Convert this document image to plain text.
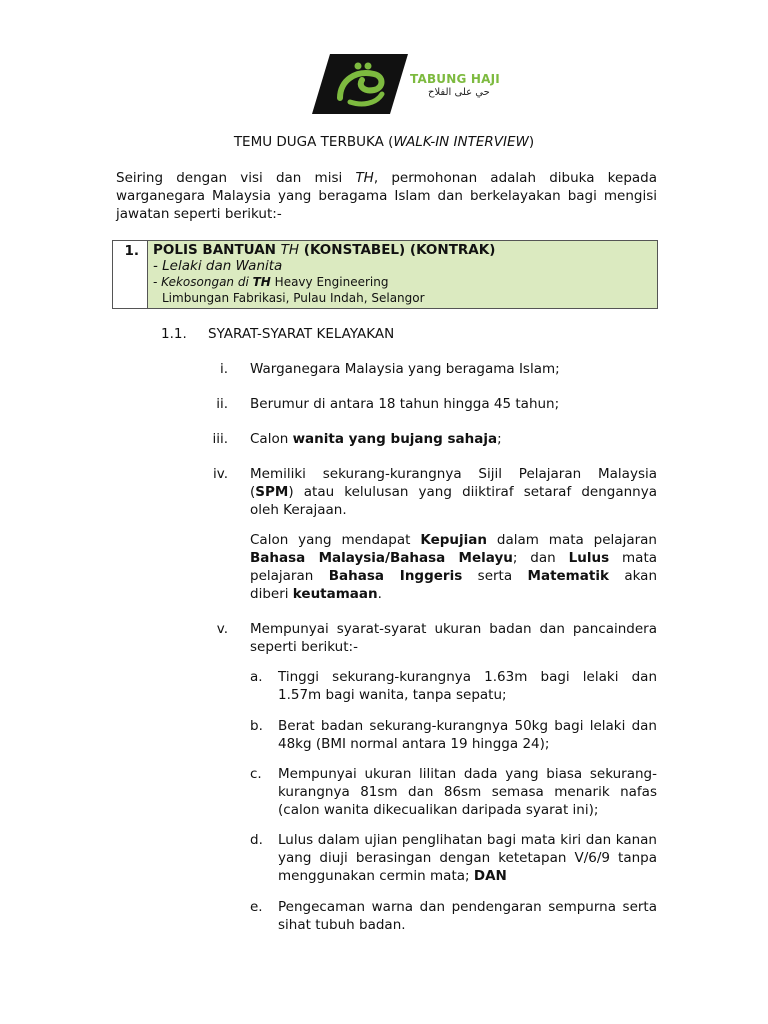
TABUNG HAJI
حي على الفلاح
TEMU DUGA TERBUKA (WALK-IN INTERVIEW)
Seiring dengan visi dan misi TH, permohonan adalah dibuka kepada
warganegara Malaysia yang beragama Islam dan berkelayakan bagi mengisi
jawatan seperti berikut:-
1.	POLIS BANTUAN TH (KONSTABEL) (KONTRAK)
- Lelaki dan Wanita
- Kekosongan di TH Heavy Engineering
Limbungan Fabrikasi, Pulau Indah, Selangor
1.1. SYARAT-SYARAT KELAYAKAN
i. Warganegara Malaysia yang beragama Islam;
ii. Berumur di antara 18 tahun hingga 45 tahun;
iii. Calon wanita yang bujang sahaja;
iv. Memiliki sekurang-kurangnya Sijil Pelajaran Malaysia
(SPM) atau kelulusan yang diiktiraf setaraf dengannya
oleh Kerajaan.
Calon yang mendapat Kepujian dalam mata pelajaran
Bahasa Malaysia/Bahasa Melayu; dan Lulus mata
pelajaran Bahasa Inggeris serta Matematik akan
diberi keutamaan.
v. Mempunyai syarat-syarat ukuran badan dan pancaindera
seperti berikut:-
a. Tinggi sekurang-kurangnya 1.63m bagi lelaki dan
1.57m bagi wanita, tanpa sepatu;
b. Berat badan sekurang-kurangnya 50kg bagi lelaki dan
48kg (BMI normal antara 19 hingga 24);
c. Mempunyai ukuran lilitan dada yang biasa sekurang-
kurangnya 81sm dan 86sm semasa menarik nafas
(calon wanita dikecualikan daripada syarat ini);
d. Lulus dalam ujian penglihatan bagi mata kiri dan kanan
yang diuji berasingan dengan ketetapan V/6/9 tanpa
menggunakan cermin mata; DAN
e. Pengecaman warna dan pendengaran sempurna serta
sihat tubuh badan.
